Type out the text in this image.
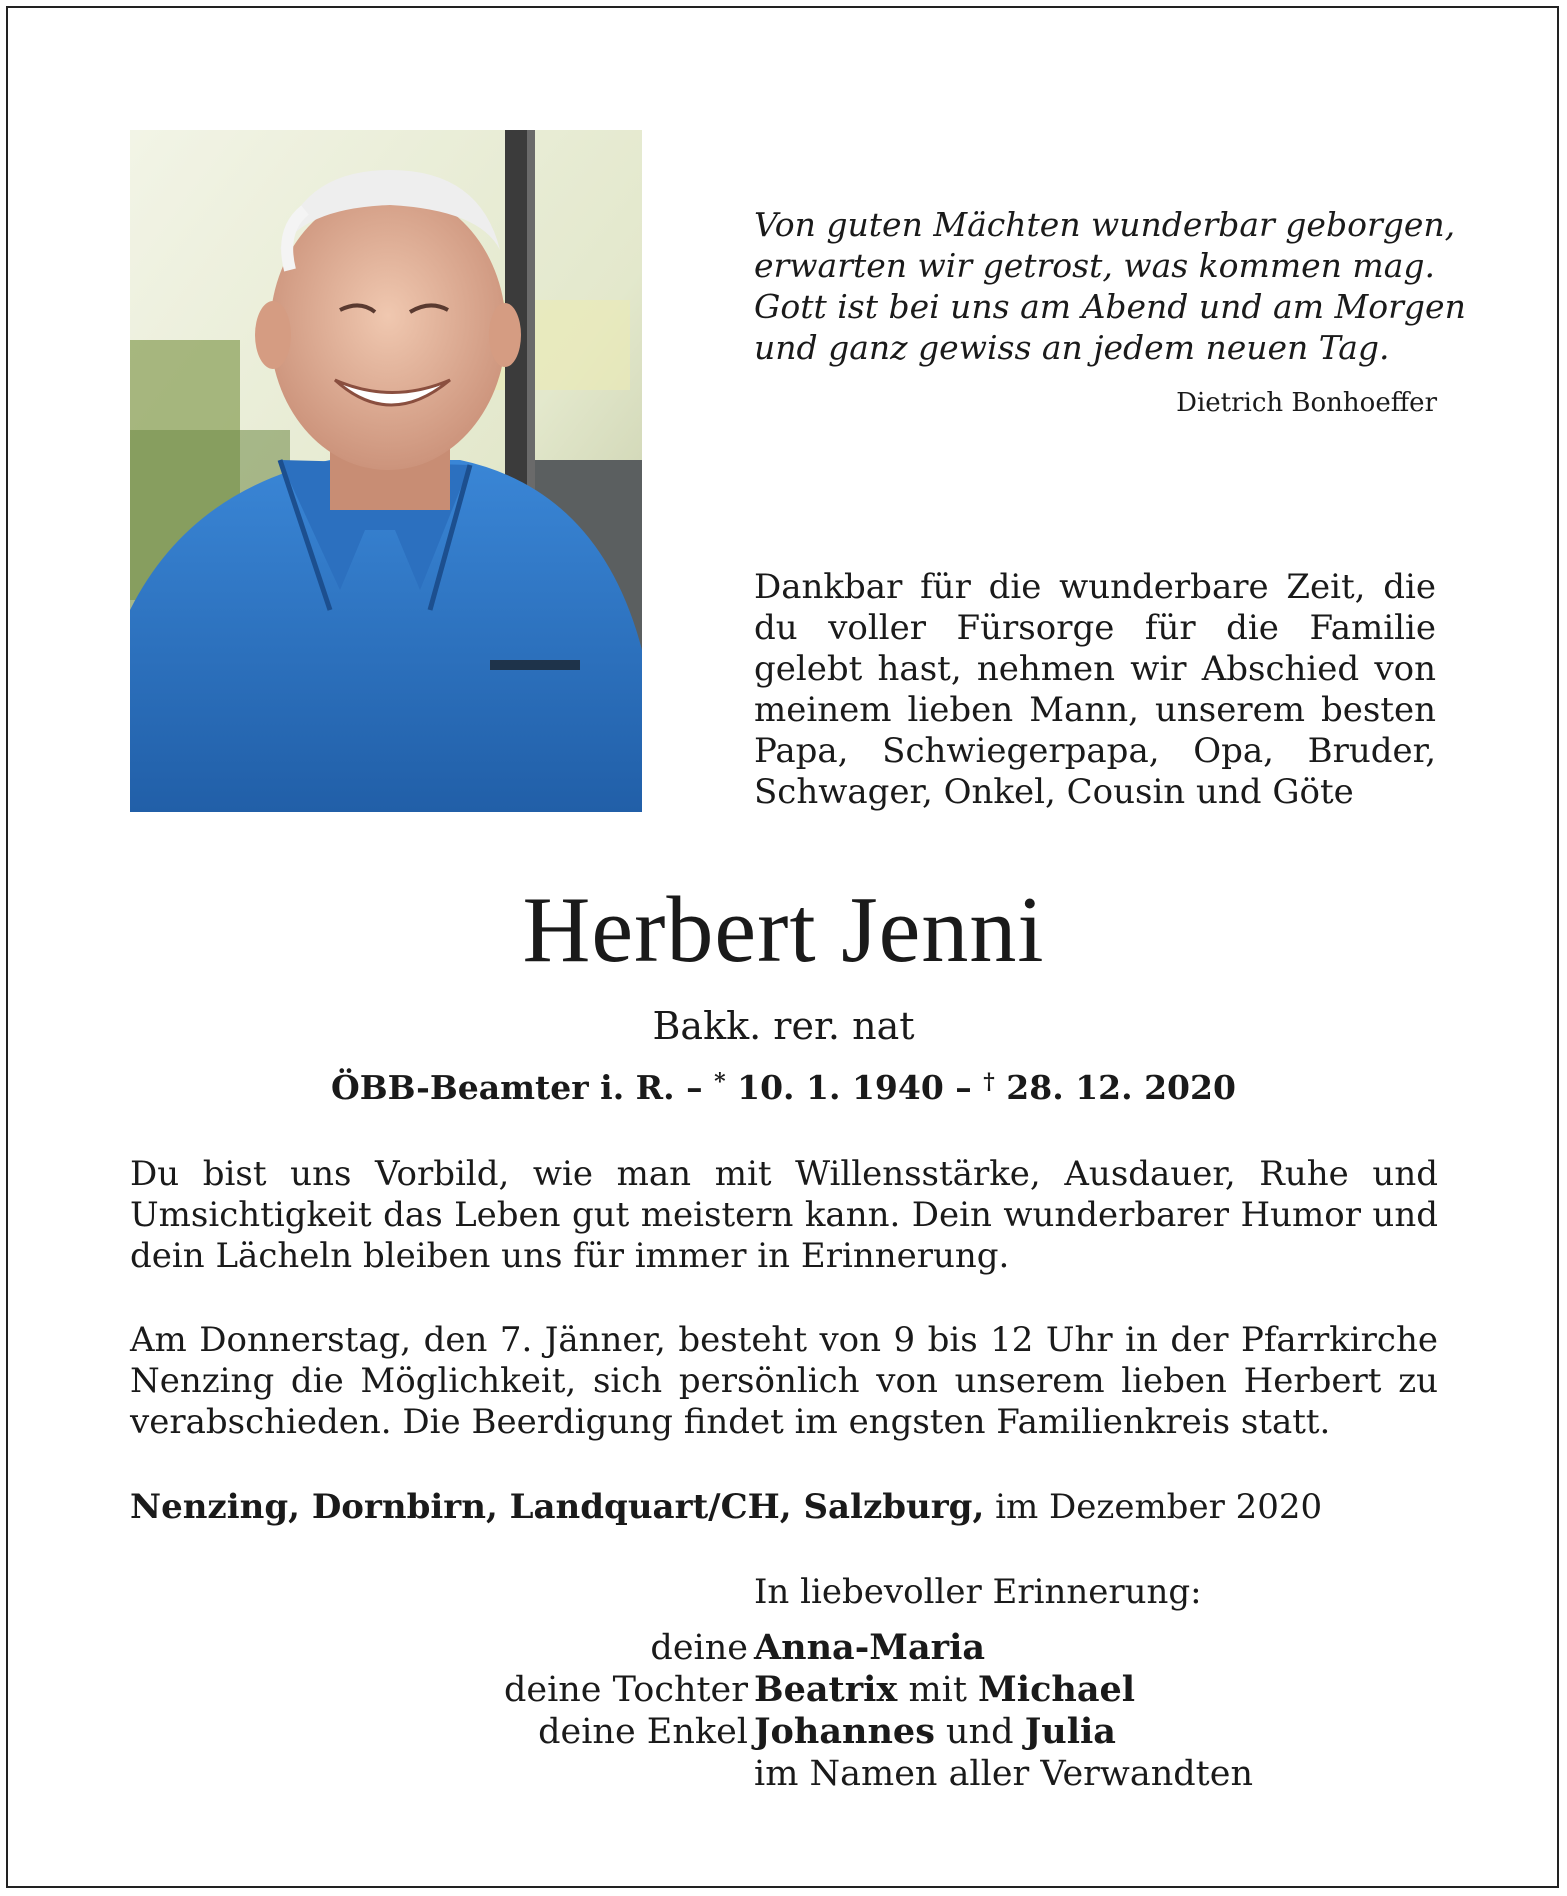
Von guten Mächten wunderbar geborgen,
erwarten wir getrost, was kommen mag.
Gott ist bei uns am Abend und am Morgen
und ganz gewiss an jedem neuen Tag.
Dietrich Bonhoeffer
Dankbar für die wunderbare Zeit, die du voller Fürsorge für die Familie gelebt hast, nehmen wir Abschied von meinem lieben Mann, unserem besten Papa, Schwiegerpapa, Opa, Bruder, Schwager, Onkel, Cousin und Göte
Herbert Jenni
Bakk. rer. nat
ÖBB-Beamter i. R. – * 10. 1. 1940 – † 28. 12. 2020
Du bist uns Vorbild, wie man mit Willensstärke, Ausdauer, Ruhe und Umsichtigkeit das Leben gut meistern kann. Dein wunderbarer Humor und dein Lächeln bleiben uns für immer in Erinnerung.
Am Donnerstag, den 7. Jänner, besteht von 9 bis 12 Uhr in der Pfarrkirche Nenzing die Möglichkeit, sich persönlich von unserem lieben Herbert zu verabschieden. Die Beerdigung findet im engsten Familienkreis statt.
Nenzing, Dornbirn, Landquart/CH, Salzburg, im Dezember 2020
In liebevoller Erinnerung:
deine Anna-Maria
deine Tochter Beatrix mit Michael
deine Enkel Johannes und Julia
im Namen aller Verwandten
